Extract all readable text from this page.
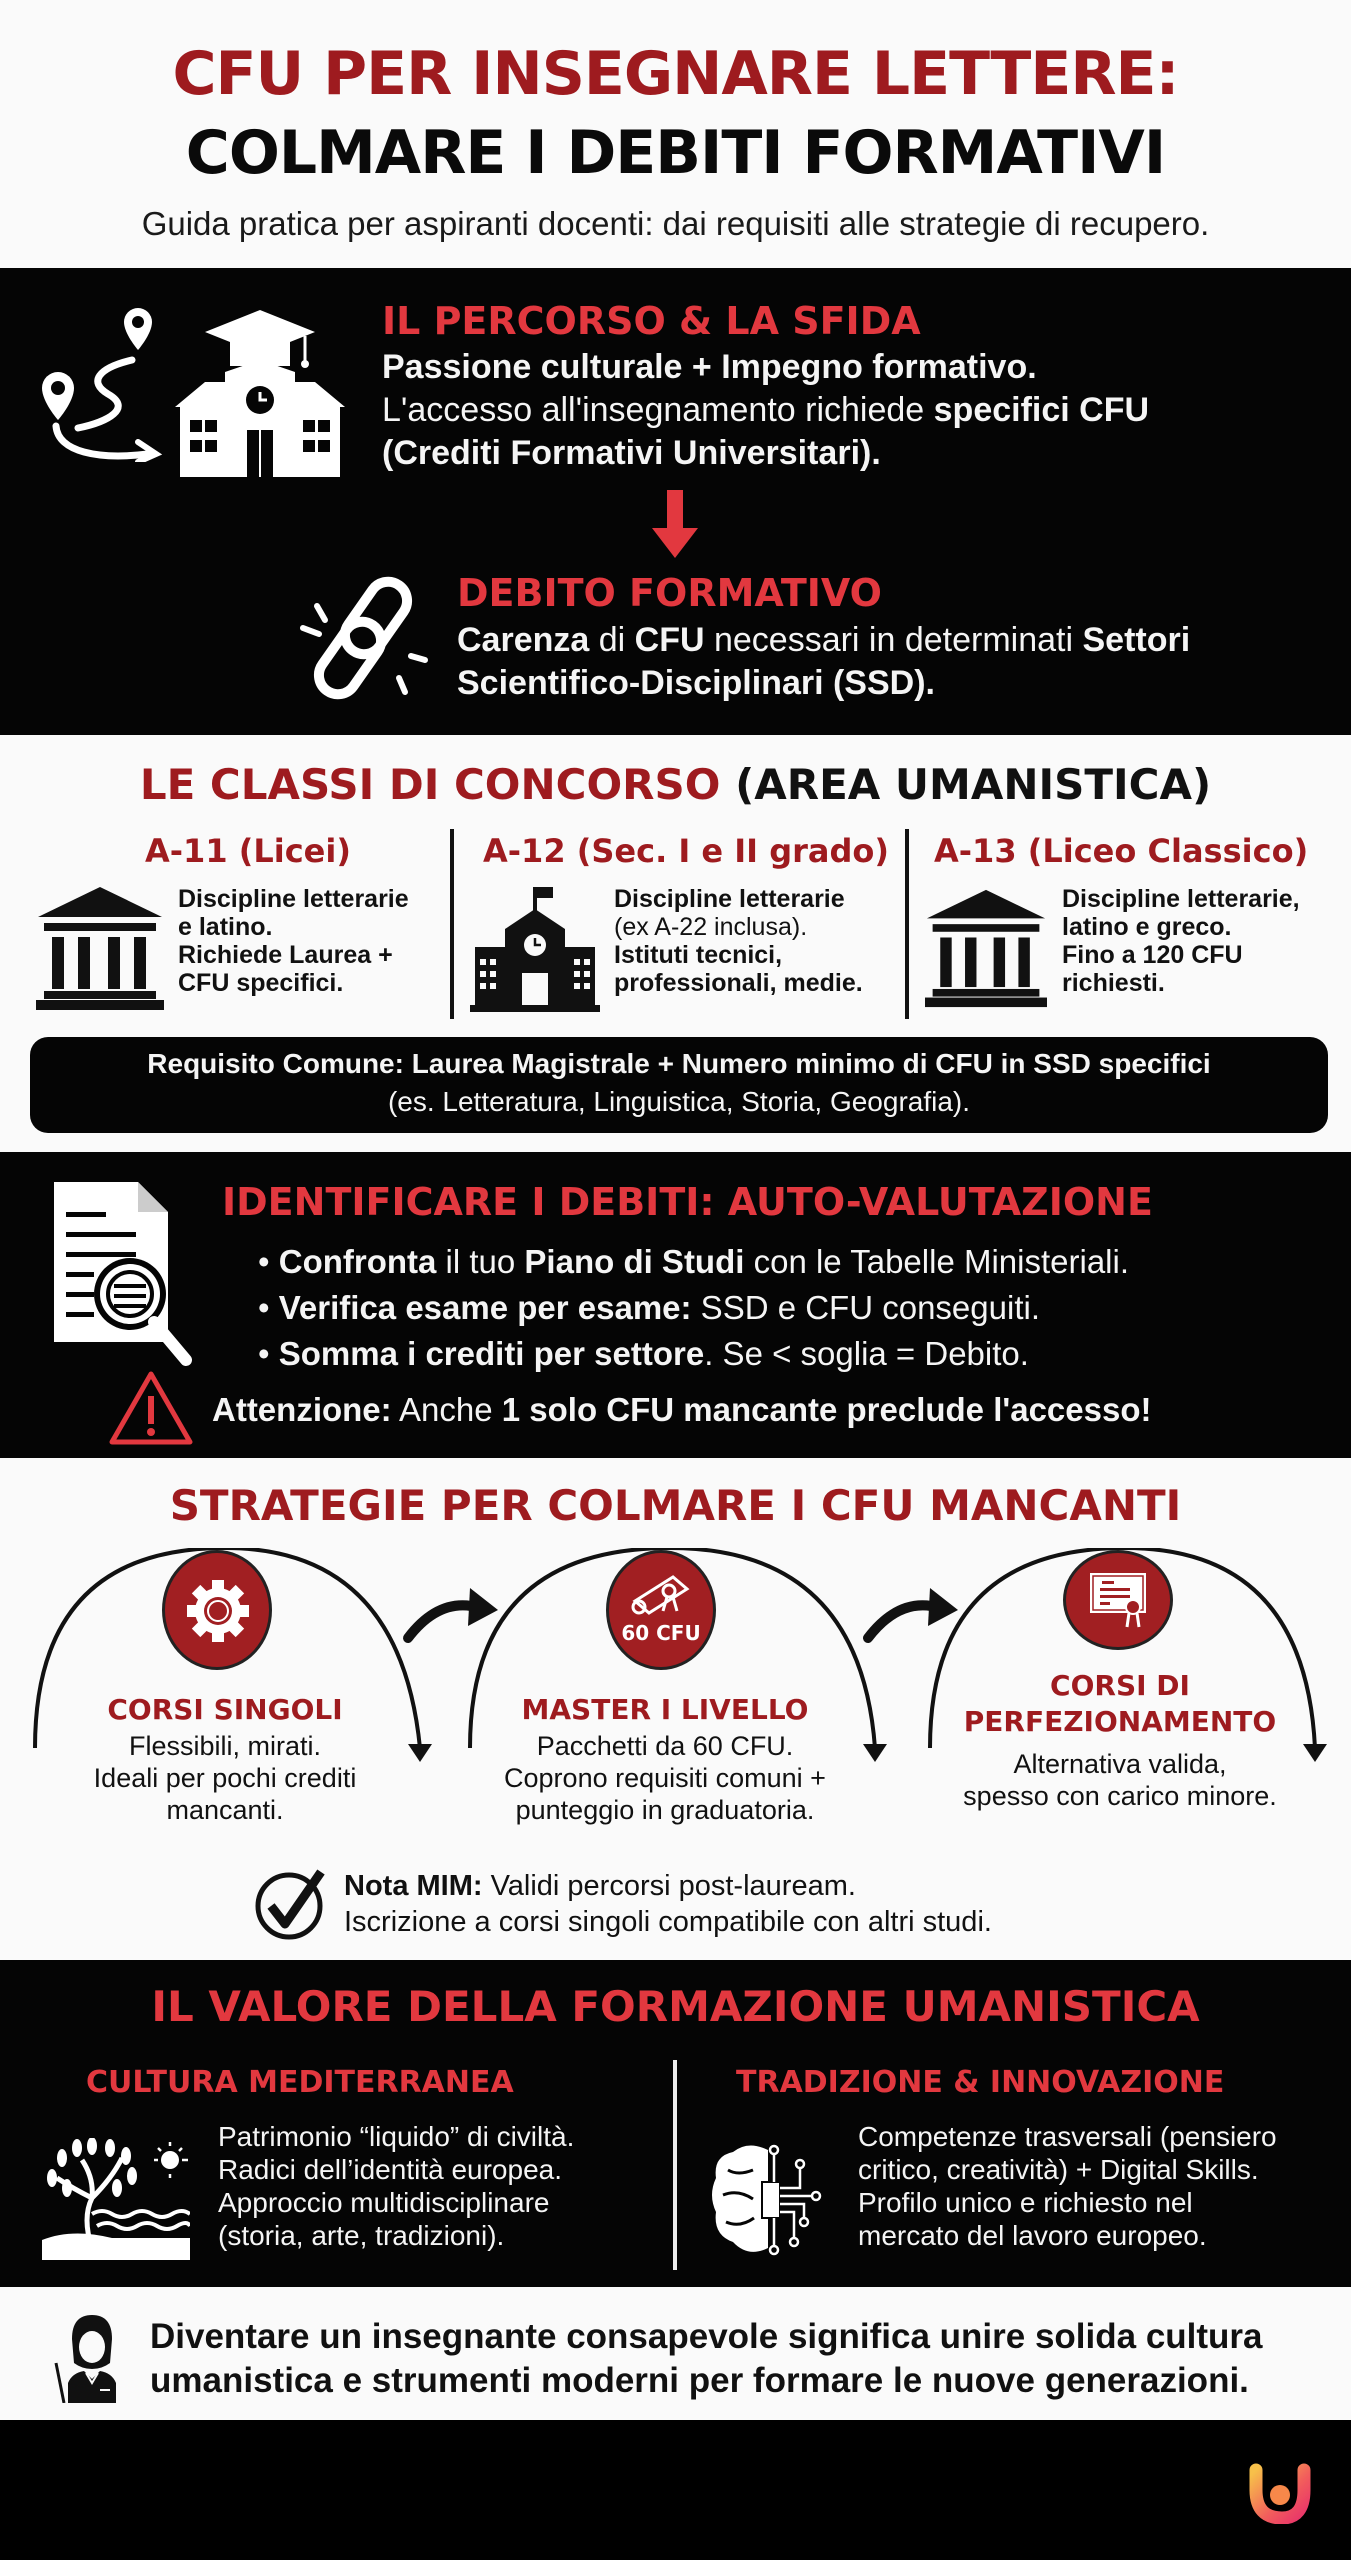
CFU PER INSEGNARE LETTERE:
COLMARE I DEBITI FORMATIVI
Guida pratica per aspiranti docenti: dai requisiti alle strategie di recupero.
IL PERCORSO & LA SFIDA
Passione culturale + Impegno formativo.
L'accesso all'insegnamento richiede specifici CFU
(Crediti Formativi Universitari).
DEBITO FORMATIVO
Carenza di CFU necessari in determinati Settori
Scientifico-Disciplinari (SSD).
LE CLASSI DI CONCORSO (AREA UMANISTICA)
A-11 (Licei)
Discipline letterarie
e latino.
Richiede Laurea +
CFU specifici.
A-12 (Sec. I e II grado)
Discipline letterarie
(ex A-22 inclusa).
Istituti tecnici,
professionali, medie.
A-13 (Liceo Classico)
Discipline letterarie,
latino e greco.
Fino a 120 CFU
richiesti.
Requisito Comune: Laurea Magistrale + Numero minimo di CFU in SSD specifici
(es. Letteratura, Linguistica, Storia, Geografia).
IDENTIFICARE I DEBITI: AUTO-VALUTAZIONE
• Confronta il tuo Piano di Studi con le Tabelle Ministeriali.
• Verifica esame per esame: SSD e CFU conseguiti.
• Somma i crediti per settore. Se < soglia = Debito.
Attenzione: Anche 1 solo CFU mancante preclude l'accesso!
STRATEGIE PER COLMARE I CFU MANCANTI
60 CFU
CORSI SINGOLI
Flessibili, mirati.
Ideali per pochi crediti
mancanti.
MASTER I LIVELLO
Pacchetti da 60 CFU.
Coprono requisiti comuni +
punteggio in graduatoria.
CORSI DI
PERFEZIONAMENTO
Alternativa valida,
spesso con carico minore.
Nota MIM: Validi percorsi post-lauream.
Iscrizione a corsi singoli compatibile con altri studi.
IL VALORE DELLA FORMAZIONE UMANISTICA
CULTURA MEDITERRANEA
Patrimonio “liquido” di civiltà.
Radici dell’identità europea.
Approccio multidisciplinare
(storia, arte, tradizioni).
TRADIZIONE & INNOVAZIONE
Competenze trasversali (pensiero
critico, creatività) + Digital Skills.
Profilo unico e richiesto nel
mercato del lavoro europeo.
Diventare un insegnante consapevole significa unire solida cultura
umanistica e strumenti moderni per formare le nuove generazioni.
